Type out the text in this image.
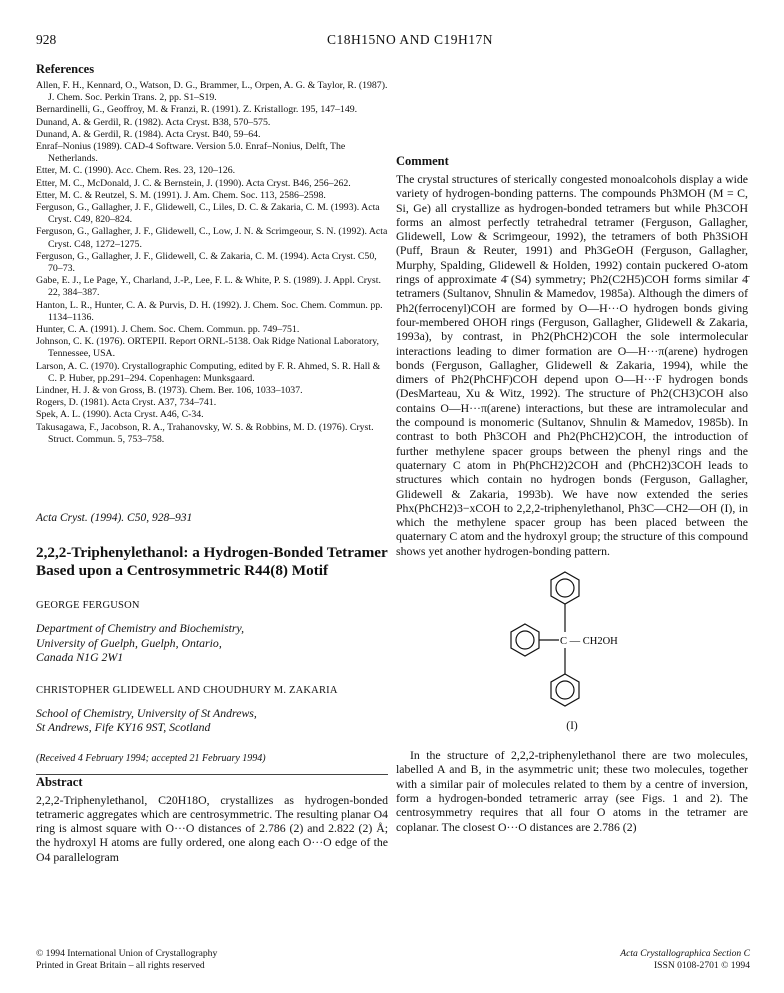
928	C18H15NO AND C19H17N
References
Allen, F. H., Kennard, O., Watson, D. G., Brammer, L., Orpen, A. G. & Taylor, R. (1987). J. Chem. Soc. Perkin Trans. 2, pp. S1–S19.
Bernardinelli, G., Geoffroy, M. & Franzi, R. (1991). Z. Kristallogr. 195, 147–149.
Dunand, A. & Gerdil, R. (1982). Acta Cryst. B38, 570–575.
Dunand, A. & Gerdil, R. (1984). Acta Cryst. B40, 59–64.
Enraf–Nonius (1989). CAD-4 Software. Version 5.0. Enraf–Nonius, Delft, The Netherlands.
Etter, M. C. (1990). Acc. Chem. Res. 23, 120–126.
Etter, M. C., McDonald, J. C. & Bernstein, J. (1990). Acta Cryst. B46, 256–262.
Etter, M. C. & Reutzel, S. M. (1991). J. Am. Chem. Soc. 113, 2586–2598.
Ferguson, G., Gallagher, J. F., Glidewell, C., Liles, D. C. & Zakaria, C. M. (1993). Acta Cryst. C49, 820–824.
Ferguson, G., Gallagher, J. F., Glidewell, C., Low, J. N. & Scrimgeour, S. N. (1992). Acta Cryst. C48, 1272–1275.
Ferguson, G., Gallagher, J. F., Glidewell, C. & Zakaria, C. M. (1994). Acta Cryst. C50, 70–73.
Gabe, E. J., Le Page, Y., Charland, J.-P., Lee, F. L. & White, P. S. (1989). J. Appl. Cryst. 22, 384–387.
Hanton, L. R., Hunter, C. A. & Purvis, D. H. (1992). J. Chem. Soc. Chem. Commun. pp. 1134–1136.
Hunter, C. A. (1991). J. Chem. Soc. Chem. Commun. pp. 749–751.
Johnson, C. K. (1976). ORTEPII. Report ORNL-5138. Oak Ridge National Laboratory, Tennessee, USA.
Larson, A. C. (1970). Crystallographic Computing, edited by F. R. Ahmed, S. R. Hall & C. P. Huber, pp.291–294. Copenhagen: Munksgaard.
Lindner, H. J. & von Gross, B. (1973). Chem. Ber. 106, 1033–1037.
Rogers, D. (1981). Acta Cryst. A37, 734–741.
Spek, A. L. (1990). Acta Cryst. A46, C-34.
Takusagawa, F., Jacobson, R. A., Trahanovsky, W. S. & Robbins, M. D. (1976). Cryst. Struct. Commun. 5, 753–758.
Acta Cryst. (1994). C50, 928–931
2,2,2-Triphenylethanol: a Hydrogen-Bonded Tetramer Based upon a Centrosymmetric R44(8) Motif
GEORGE FERGUSON
Department of Chemistry and Biochemistry,
University of Guelph, Guelph, Ontario,
Canada N1G 2W1
CHRISTOPHER GLIDEWELL AND CHOUDHURY M. ZAKARIA
School of Chemistry, University of St Andrews,
St Andrews, Fife KY16 9ST, Scotland
(Received 4 February 1994; accepted 21 February 1994)
Abstract

2,2,2-Triphenylethanol, C20H18O, crystallizes as hydrogen-bonded tetrameric aggregates which are centrosymmetric. The resulting planar O4 ring is almost square with O···O distances of 2.786 (2) and 2.822 (2) Å; the hydroxyl H atoms are fully ordered, one along each O···O edge of the O4 parallelogram

Comment

The crystal structures of sterically congested monoalcohols display a wide variety of hydrogen-bonding patterns. The compounds Ph3MOH (M = C, Si, Ge) all crystallize as hydrogen-bonded tetramers but while Ph3COH forms an almost perfectly tetrahedral tetramer (Ferguson, Gallagher, Glidewell, Low & Scrimgeour, 1992), the tetramers of both Ph3SiOH (Puff, Braun & Reuter, 1991) and Ph3GeOH (Ferguson, Gallagher, Murphy, Spalding, Glidewell & Holden, 1992) contain puckered O-atom rings of approximate 4̄ (S4) symmetry; Ph2(C2H5)COH forms similar 4̄ tetramers (Sultanov, Shnulin & Mamedov, 1985a). Although the dimers of Ph2(ferrocenyl)COH are formed by O—H···O hydrogen bonds giving four-membered OHOH rings (Ferguson, Gallagher, Glidewell & Zakaria, 1993a), by contrast, in Ph2(PhCH2)COH the sole intermolecular interactions leading to dimer formation are O—H···π(arene) hydrogen bonds (Ferguson, Gallagher, Glidewell & Zakaria, 1994), while the dimers of Ph2(PhCHF)COH depend upon O—H···F hydrogen bonds (DesMarteau, Xu & Witz, 1992). The structure of Ph2(CH3)COH also contains O—H···π(arene) interactions, but these are intramolecular and the compound is monomeric (Sultanov, Shnulin & Mamedov, 1985b). In contrast to both Ph3COH and Ph2(PhCH2)COH, the introduction of further methylene spacer groups between the phenyl rings and the quaternary C atom in Ph(PhCH2)2COH and (PhCH2)3COH leads to structures which contain no hydrogen bonds (Ferguson, Gallagher, Glidewell & Zakaria, 1993b). We have now extended the series Phx(PhCH2)3−xCOH to 2,2,2-triphenylethanol, Ph3C—CH2—OH (I), in which the methylene spacer group has been placed between the quaternary C atom and the hydroxyl group; the structure of this compound shows yet another hydrogen-bonding pattern.

C — CH2OH
(I)

In the structure of 2,2,2-triphenylethanol there are two molecules, labelled A and B, in the asymmetric unit; these two molecules, together with a similar pair of molecules related to them by a centre of inversion, form a hydrogen-bonded tetrameric array (see Figs. 1 and 2). The centrosymmetry requires that all four O atoms in the tetramer are coplanar. The closest O···O distances are 2.786 (2)

© 1994 International Union of Crystallography
Printed in Great Britain – all rights reserved
Acta Crystallographica Section C
ISSN 0108-2701 © 1994
